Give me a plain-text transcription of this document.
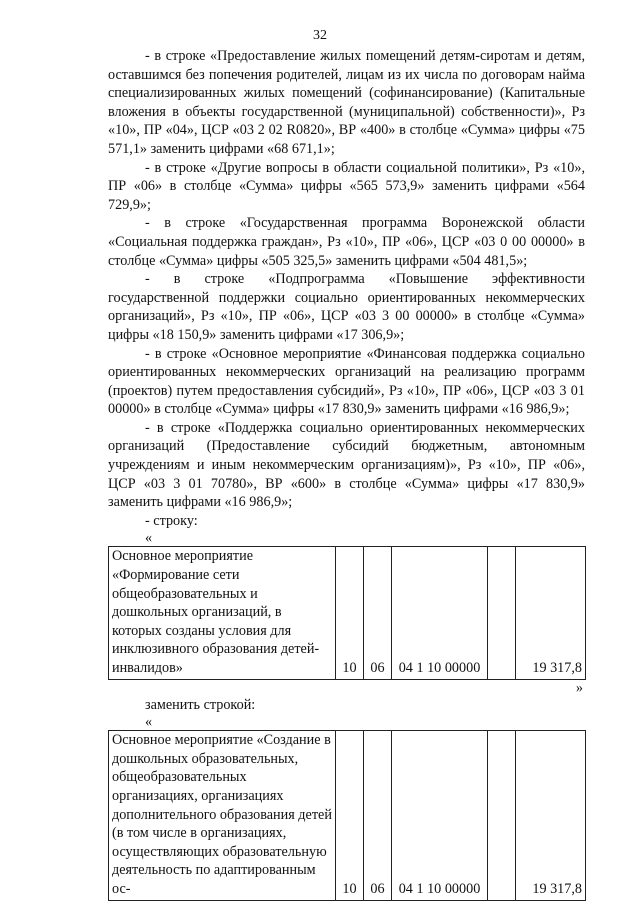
32

- в строке «Предоставление жилых помещений детям-сиротам и детям, оставшимся без попечения родителей, лицам из их числа по договорам найма специализированных жилых помещений (софинансирование) (Капитальные вложения в объекты государственной (муниципальной) собственности)», Рз «10», ПР «04», ЦСР «03 2 02 R0820», ВР «400» в столбце «Сумма» цифры «75 571,1» заменить цифрами «68 671,1»;

- в строке «Другие вопросы в области социальной политики», Рз «10», ПР «06» в столбце «Сумма» цифры «565 573,9» заменить цифрами «564 729,9»;

- в строке «Государственная программа Воронежской области «Социальная поддержка граждан», Рз «10», ПР «06», ЦСР «03 0 00 00000» в столбце «Сумма» цифры «505 325,5» заменить цифрами «504 481,5»;

- в строке «Подпрограмма «Повышение эффективности государственной поддержки социально ориентированных некоммерческих организаций», Рз «10», ПР «06», ЦСР «03 3 00 00000» в столбце «Сумма» цифры «18 150,9» заменить цифрами «17 306,9»;

- в строке «Основное мероприятие «Финансовая поддержка социально ориентированных некоммерческих организаций на реализацию программ (проектов) путем предоставления субсидий», Рз «10», ПР «06», ЦСР «03 3 01 00000» в столбце «Сумма» цифры «17 830,9» заменить цифрами «16 986,9»;

- в строке «Поддержка социально ориентированных некоммерческих организаций (Предоставление субсидий бюджетным, автономным учреждениям и иным некоммерческим организациям)», Рз «10», ПР «06», ЦСР «03 3 01 70780», ВР «600» в столбце «Сумма» цифры «17 830,9» заменить цифрами «16 986,9»;

- строку:

«

Основное мероприятие «Формирование сети общеобразовательных и дошкольных организаций, в которых созданы условия для инклюзивного образования детей-инвалидов»	10	06	04 1 10 00000		19 317,8

»

заменить строкой:

«

Основное мероприятие «Создание в дошкольных образовательных, общеобразовательных организациях, организациях дополнительного образования детей (в том числе в организациях, осуществляющих образовательную деятельность по адаптированным ос-	10	06	04 1 10 00000		19 317,8
